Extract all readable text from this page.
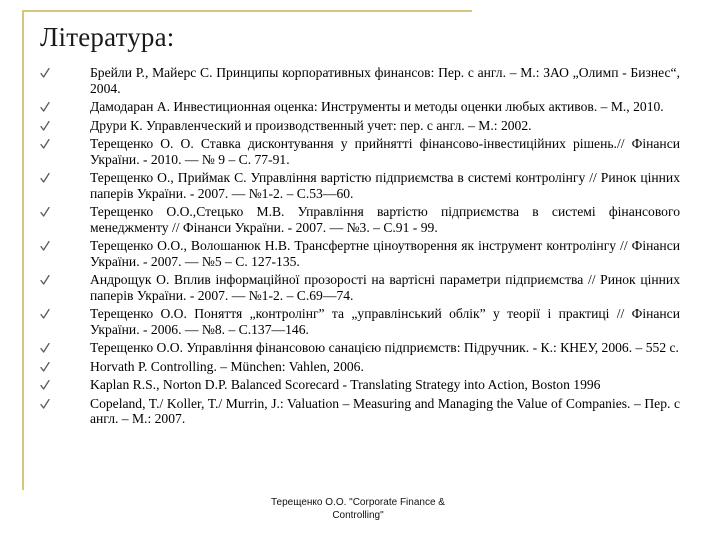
Література:
Брейли Р., Майерс С. Принципы корпоративных финансов: Пер. с англ. – М.: ЗАО „Олимп - Бизнес“, 2004.
Дамодаран А. Инвестиционная оценка: Инструменты и методы оценки любых активов. – М., 2010.
Друри К. Управленческий и производственный учет: пер. с англ. – М.: 2002.
Терещенко О. О. Ставка дисконтування у прийнятті фінансово-інвестиційних рішень.// Фінанси України. - 2010. — № 9 – С. 77-91.
Терещенко О., Приймак С. Управління вартістю підприємства в системі контролінгу // Ринок цінних паперів України. - 2007. — №1-2. – С.53—60.
Терещенко О.О.,Стецько М.В. Управління вартістю підприємства в системі фінансового менеджменту // Фінанси України. - 2007. — №3. – С.91 - 99.
Терещенко О.О., Волошанюк Н.В. Трансфертне ціноутворення як інструмент контролінгу // Фінанси України. - 2007. — №5 – С. 127-135.
Андрощук О. Вплив інформаційної прозорості на вартісні параметри підприємства // Ринок цінних паперів України. - 2007. — №1-2. – С.69—74.
Терещенко О.О. Поняття „контролінг” та „управлінський облік” у теорії і практиці // Фінанси України. - 2006. — №8. – С.137—146.
Терещенко О.О. Управління фінансовою санацією підприємств: Підручник. - К.: КНЕУ, 2006. – 552 с.
Horvath P. Controlling. – München: Vahlen, 2006.
Kaplan R.S., Norton D.P. Balanced Scorecard - Translating Strategy into Action, Boston 1996
Copeland, T./ Koller, T./ Murrin, J.: Valuation – Measuring and Managing the Value of Companies. – Пер. с англ. – М.: 2007.
Терещенко О.О. "Corporate Finance &
Controlling"
